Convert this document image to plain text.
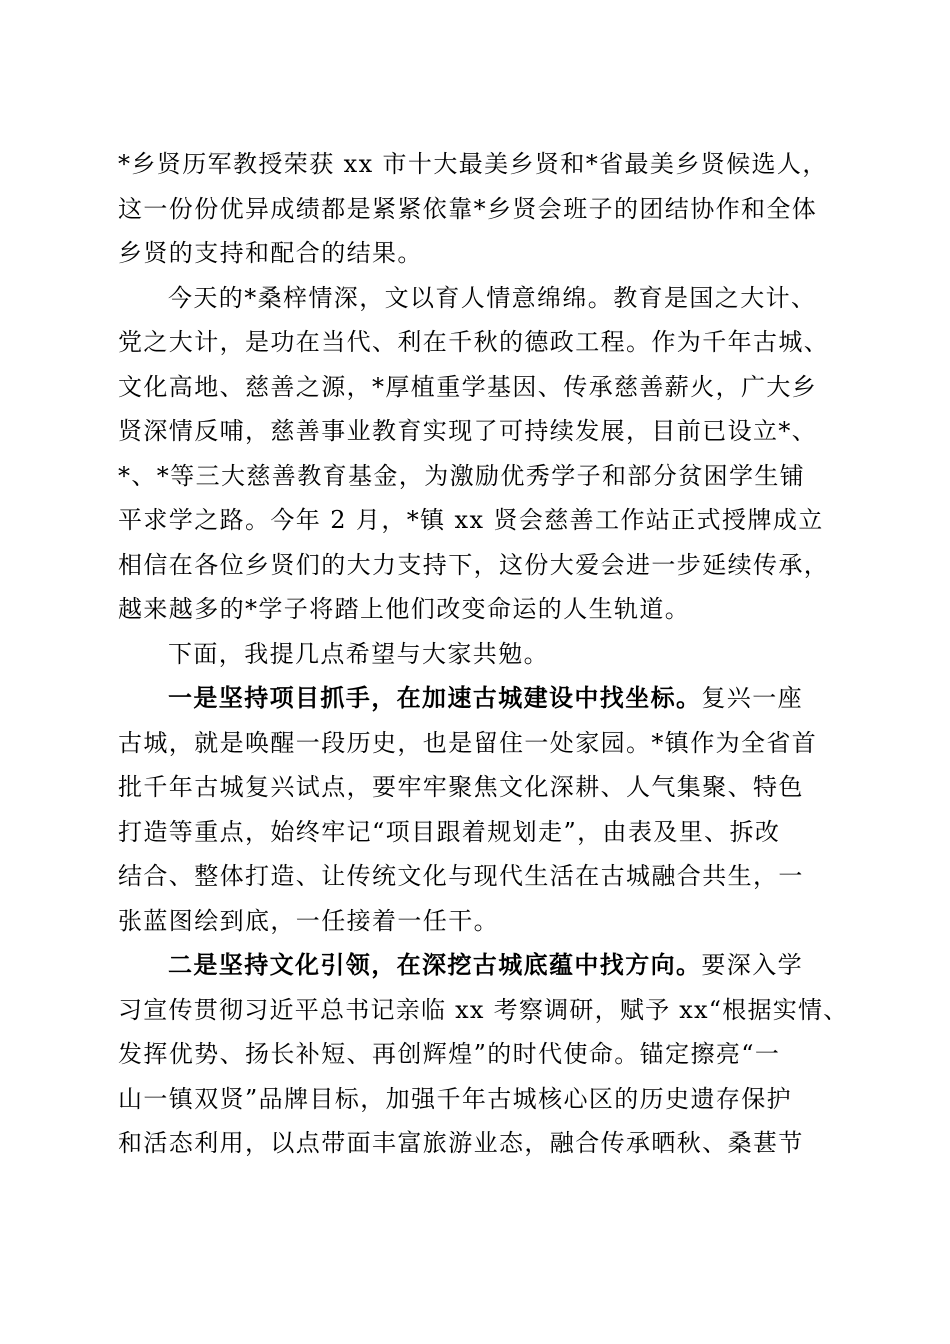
*乡贤历军教授荣获 xx 市十大最美乡贤和*省最美乡贤候选人，
这一份份优异成绩都是紧紧依靠*乡贤会班子的团结协作和全体
乡贤的支持和配合的结果。
今天的*桑梓情深，文以育人情意绵绵。教育是国之大计、
党之大计，是功在当代、利在千秋的德政工程。作为千年古城、
文化高地、慈善之源，*厚植重学基因、传承慈善薪火，广大乡
贤深情反哺，慈善事业教育实现了可持续发展，目前已设立*、
*、*等三大慈善教育基金，为激励优秀学子和部分贫困学生铺
平求学之路。今年 2 月，*镇 xx 贤会慈善工作站正式授牌成立
相信在各位乡贤们的大力支持下，这份大爱会进一步延续传承，
越来越多的*学子将踏上他们改变命运的人生轨道。
下面，我提几点希望与大家共勉。
一是坚持项目抓手，在加速古城建设中找坐标。复兴一座
古城，就是唤醒一段历史，也是留住一处家园。*镇作为全省首
批千年古城复兴试点，要牢牢聚焦文化深耕、人气集聚、特色
打造等重点，始终牢记“项目跟着规划走”，由表及里、拆改
结合、整体打造、让传统文化与现代生活在古城融合共生，一
张蓝图绘到底，一任接着一任干。
二是坚持文化引领，在深挖古城底蕴中找方向。要深入学
习宣传贯彻习近平总书记亲临 xx 考察调研，赋予 xx“根据实情、
发挥优势、扬长补短、再创辉煌”的时代使命。锚定擦亮“一
山一镇双贤”品牌目标，加强千年古城核心区的历史遗存保护
和活态利用，以点带面丰富旅游业态，融合传承晒秋、桑葚节
